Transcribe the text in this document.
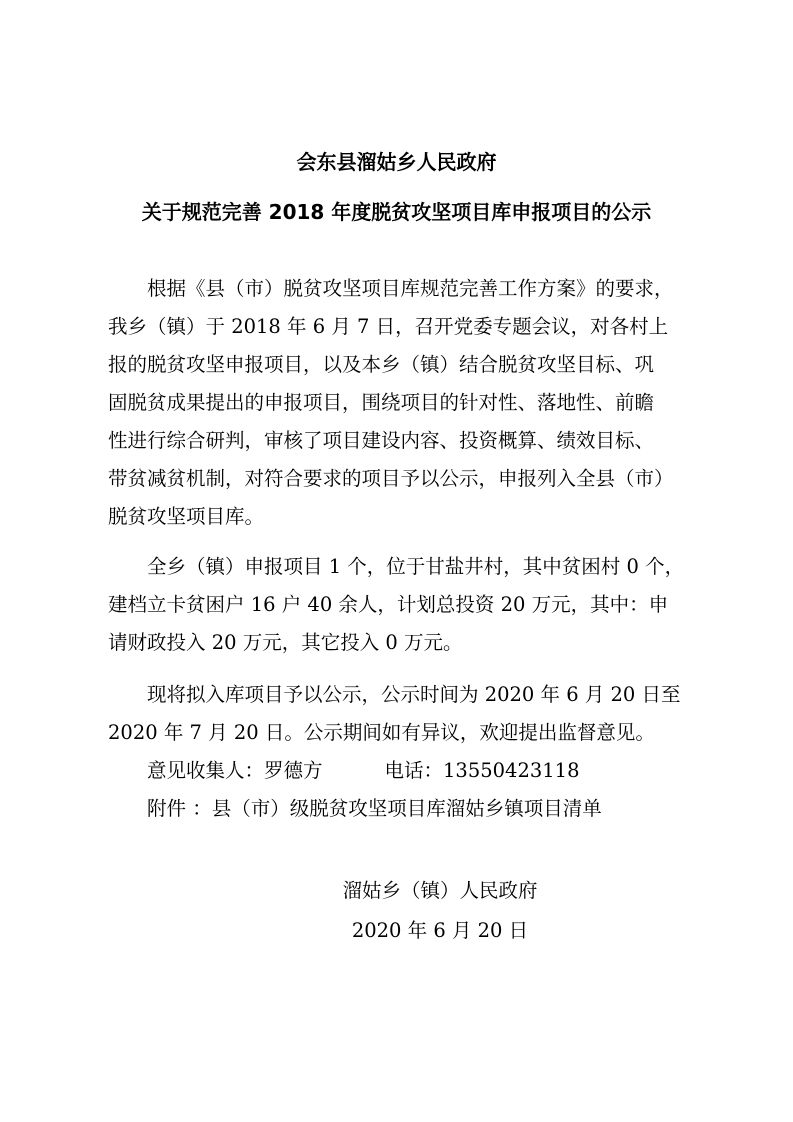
会东县溜姑乡人民政府
关于规范完善 2018 年度脱贫攻坚项目库申报项目的公示
根据《县（市）脱贫攻坚项目库规范完善工作方案》的要求，
我乡（镇）于 2018 年 6 月 7 日，召开党委专题会议，对各村上
报的脱贫攻坚申报项目，以及本乡（镇）结合脱贫攻坚目标、巩
固脱贫成果提出的申报项目，围绕项目的针对性、落地性、前瞻
性进行综合研判，审核了项目建设内容、投资概算、绩效目标、
带贫减贫机制，对符合要求的项目予以公示，申报列入全县（市）
脱贫攻坚项目库。
全乡（镇）申报项目 1 个，位于甘盐井村，其中贫困村 0 个，
建档立卡贫困户 16 户 40 余人，计划总投资 20 万元，其中：申
请财政投入 20 万元，其它投入 0 万元。
现将拟入库项目予以公示，公示时间为 2020 年 6 月 20 日至
2020 年 7 月 20 日。公示期间如有异议，欢迎提出监督意见。
意见收集人：罗德方	电话：13550423118
附件 ：县（市）级脱贫攻坚项目库溜姑乡镇项目清单
溜姑乡（镇）人民政府
2020 年 6 月 20 日
